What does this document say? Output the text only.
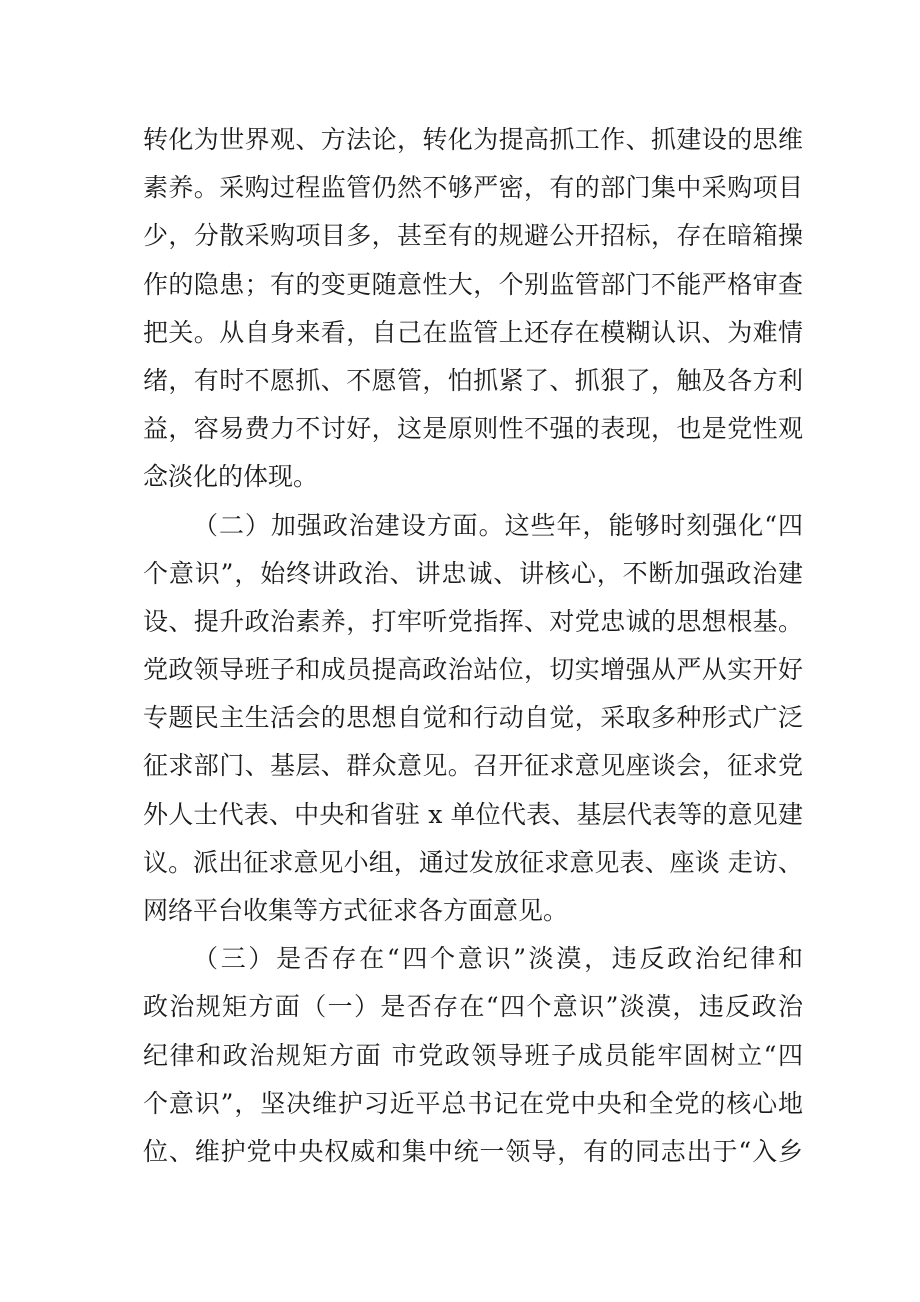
转化为世界观、方法论，转化为提高抓工作、抓建设的思维
素养。采购过程监管仍然不够严密，有的部门集中采购项目
少，分散采购项目多，甚至有的规避公开招标，存在暗箱操
作的隐患；有的变更随意性大，个别监管部门不能严格审查
把关。从自身来看，自己在监管上还存在模糊认识、为难情
绪，有时不愿抓、不愿管，怕抓紧了、抓狠了，触及各方利
益，容易费力不讨好，这是原则性不强的表现，也是党性观
念淡化的体现。
（二）加强政治建设方面。这些年，能够时刻强化“四
个意识”，始终讲政治、讲忠诚、讲核心，不断加强政治建
设、提升政治素养，打牢听党指挥、对党忠诚的思想根基。
党政领导班子和成员提高政治站位，切实增强从严从实开好
专题民主生活会的思想自觉和行动自觉，采取多种形式广泛
征求部门、基层、群众意见。召开征求意见座谈会，征求党
外人士代表、中央和省驻 x 单位代表、基层代表等的意见建
议。派出征求意见小组，通过发放征求意见表、座谈 走访、
网络平台收集等方式征求各方面意见。
（三）是否存在“四个意识”淡漠，违反政治纪律和
政治规矩方面（一）是否存在“四个意识”淡漠，违反政治
纪律和政治规矩方面 市党政领导班子成员能牢固树立“四
个意识”，坚决维护习近平总书记在党中央和全党的核心地
位、维护党中央权威和集中统一领导，有的同志出于“入乡
